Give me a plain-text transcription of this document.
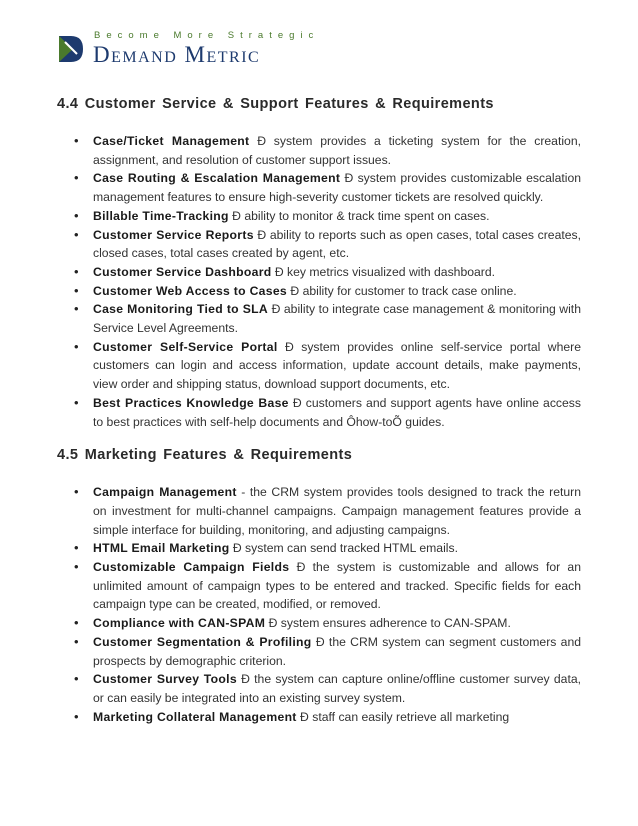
Become More Strategic
Demand Metric
4.4 Customer Service & Support Features & Requirements
• Case/Ticket Management Ð system provides a ticketing system for the creation, assignment, and resolution of customer support issues.
• Case Routing & Escalation Management Ð system provides customizable escalation management features to ensure high-severity customer tickets are resolved quickly.
• Billable Time-Tracking Ð ability to monitor & track time spent on cases.
• Customer Service Reports Ð ability to reports such as open cases, total cases creates, closed cases, total cases created by agent, etc.
• Customer Service Dashboard Ð key metrics visualized with dashboard.
• Customer Web Access to Cases Ð ability for customer to track case online.
• Case Monitoring Tied to SLA Ð ability to integrate case management & monitoring with Service Level Agreements.
• Customer Self-Service Portal Ð system provides online self-service portal where customers can login and access information, update account details, make payments, view order and shipping status, download support documents, etc.
• Best Practices Knowledge Base Ð customers and support agents have online access to best practices with self-help documents and Ôhow-toÕ guides.
4.5 Marketing Features & Requirements
• Campaign Management - the CRM system provides tools designed to track the return on investment for multi-channel campaigns. Campaign management features provide a simple interface for building, monitoring, and adjusting campaigns.
• HTML Email Marketing Ð system can send tracked HTML emails.
• Customizable Campaign Fields Ð the system is customizable and allows for an unlimited amount of campaign types to be entered and tracked. Specific fields for each campaign type can be created, modified, or removed.
• Compliance with CAN-SPAM Ð system ensures adherence to CAN-SPAM.
• Customer Segmentation & Profiling Ð the CRM system can segment customers and prospects by demographic criterion.
• Customer Survey Tools Ð the system can capture online/offline customer survey data, or can easily be integrated into an existing survey system.
• Marketing Collateral Management Ð staff can easily retrieve all marketing
